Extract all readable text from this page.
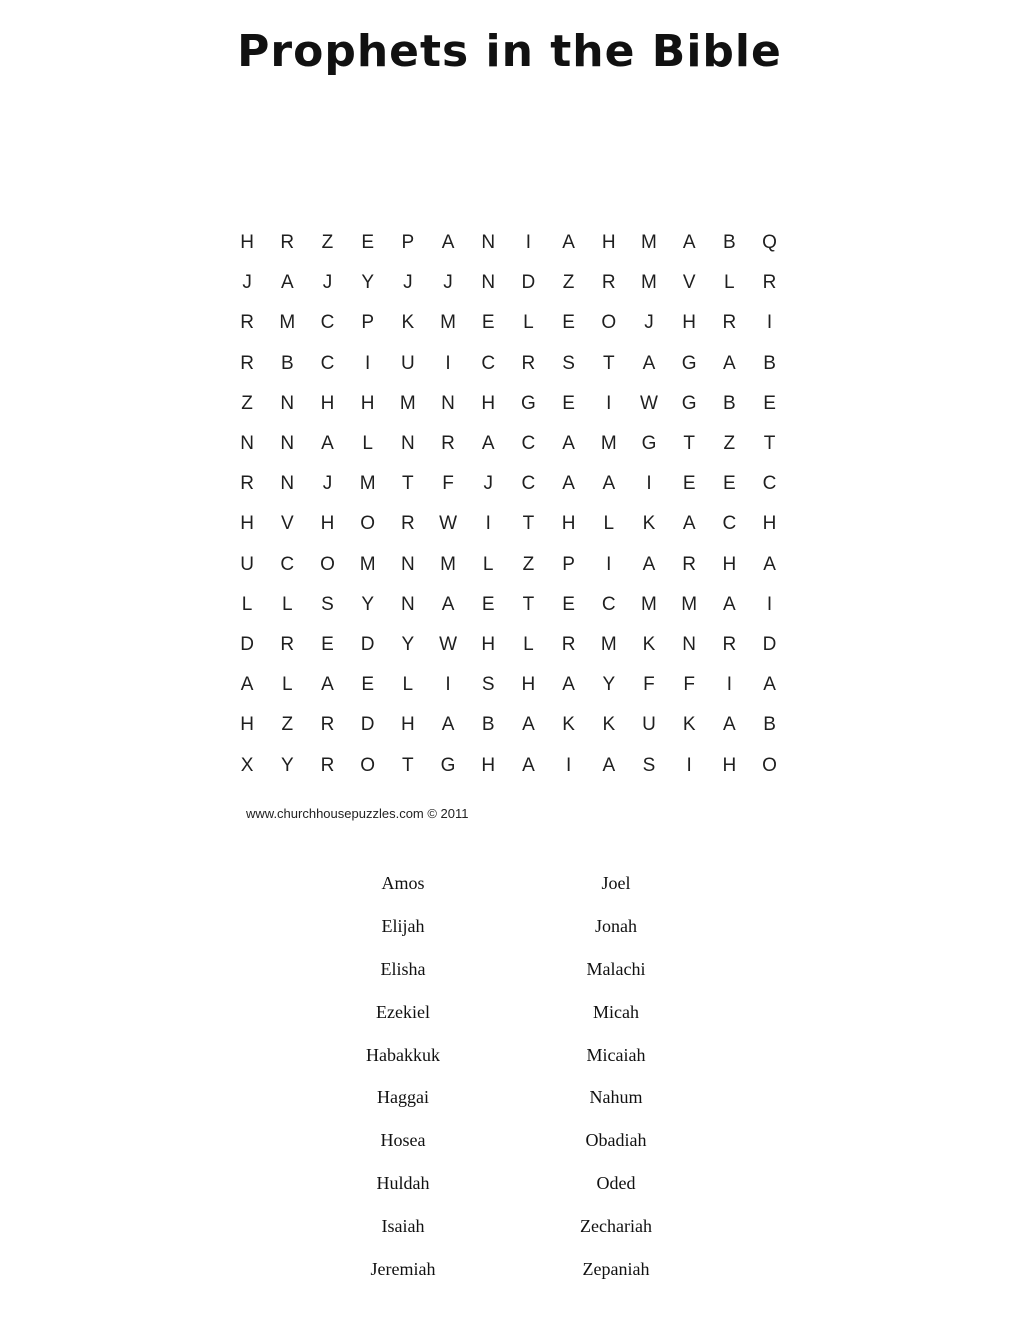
Prophets in the Bible
H	R	Z	E	P	A	N	I	A	H	M	A	B	Q
J	A	J	Y	J	J	N	D	Z	R	M	V	L	R
R	M	C	P	K	M	E	L	E	O	J	H	R	I
R	B	C	I	U	I	C	R	S	T	A	G	A	B
Z	N	H	H	M	N	H	G	E	I	W	G	B	E
N	N	A	L	N	R	A	C	A	M	G	T	Z	T
R	N	J	M	T	F	J	C	A	A	I	E	E	C
H	V	H	O	R	W	I	T	H	L	K	A	C	H
U	C	O	M	N	M	L	Z	P	I	A	R	H	A
L	L	S	Y	N	A	E	T	E	C	M	M	A	I
D	R	E	D	Y	W	H	L	R	M	K	N	R	D
A	L	A	E	L	I	S	H	A	Y	F	F	I	A
H	Z	R	D	H	A	B	A	K	K	U	K	A	B
X	Y	R	O	T	G	H	A	I	A	S	I	H	O
www.churchhousepuzzles.com © 2011
Amos
Elijah
Elisha
Ezekiel
Habakkuk
Haggai
Hosea
Huldah
Isaiah
Jeremiah
Joel
Jonah
Malachi
Micah
Micaiah
Nahum
Obadiah
Oded
Zechariah
Zepaniah
